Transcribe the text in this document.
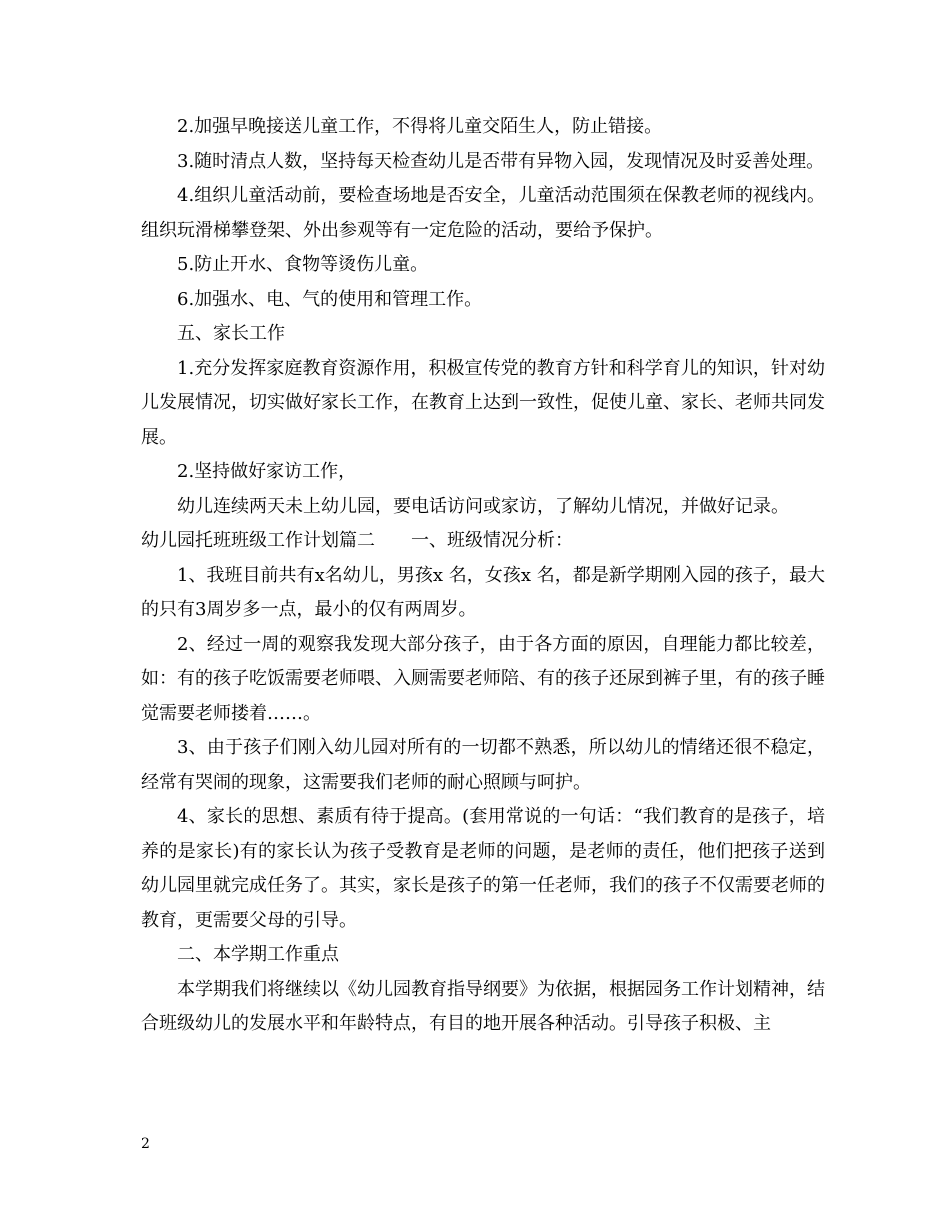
2.加强早晚接送儿童工作，不得将儿童交陌生人，防止错接。

3.随时清点人数，坚持每天检查幼儿是否带有异物入园，发现情况及时妥善处理。

4.组织儿童活动前，要检查场地是否安全，儿童活动范围须在保教老师的视线内。组织玩滑梯攀登架、外出参观等有一定危险的活动，要给予保护。

5.防止开水、食物等烫伤儿童。

6.加强水、电、气的使用和管理工作。

五、家长工作

1.充分发挥家庭教育资源作用，积极宣传党的教育方针和科学育儿的知识，针对幼儿发展情况，切实做好家长工作，在教育上达到一致性，促使儿童、家长、老师共同发展。

2.坚持做好家访工作，

幼儿连续两天未上幼儿园，要电话访问或家访，了解幼儿情况，并做好记录。

幼儿园托班班级工作计划篇二　　一、班级情况分析：

1、我班目前共有x名幼儿，男孩x 名，女孩x 名，都是新学期刚入园的孩子，最大的只有3周岁多一点，最小的仅有两周岁。

2、经过一周的观察我发现大部分孩子，由于各方面的原因，自理能力都比较差，如：有的孩子吃饭需要老师喂、入厕需要老师陪、有的孩子还尿到裤子里，有的孩子睡觉需要老师搂着……。

3、由于孩子们刚入幼儿园对所有的一切都不熟悉，所以幼儿的情绪还很不稳定，经常有哭闹的现象，这需要我们老师的耐心照顾与呵护。

4、家长的思想、素质有待于提高。(套用常说的一句话：“我们教育的是孩子，培养的是家长)有的家长认为孩子受教育是老师的问题，是老师的责任，他们把孩子送到幼儿园里就完成任务了。其实，家长是孩子的第一任老师，我们的孩子不仅需要老师的教育，更需要父母的引导。

二、本学期工作重点

本学期我们将继续以《幼儿园教育指导纲要》为依据，根据园务工作计划精神，结合班级幼儿的发展水平和年龄特点，有目的地开展各种活动。引导孩子积极、主

2
